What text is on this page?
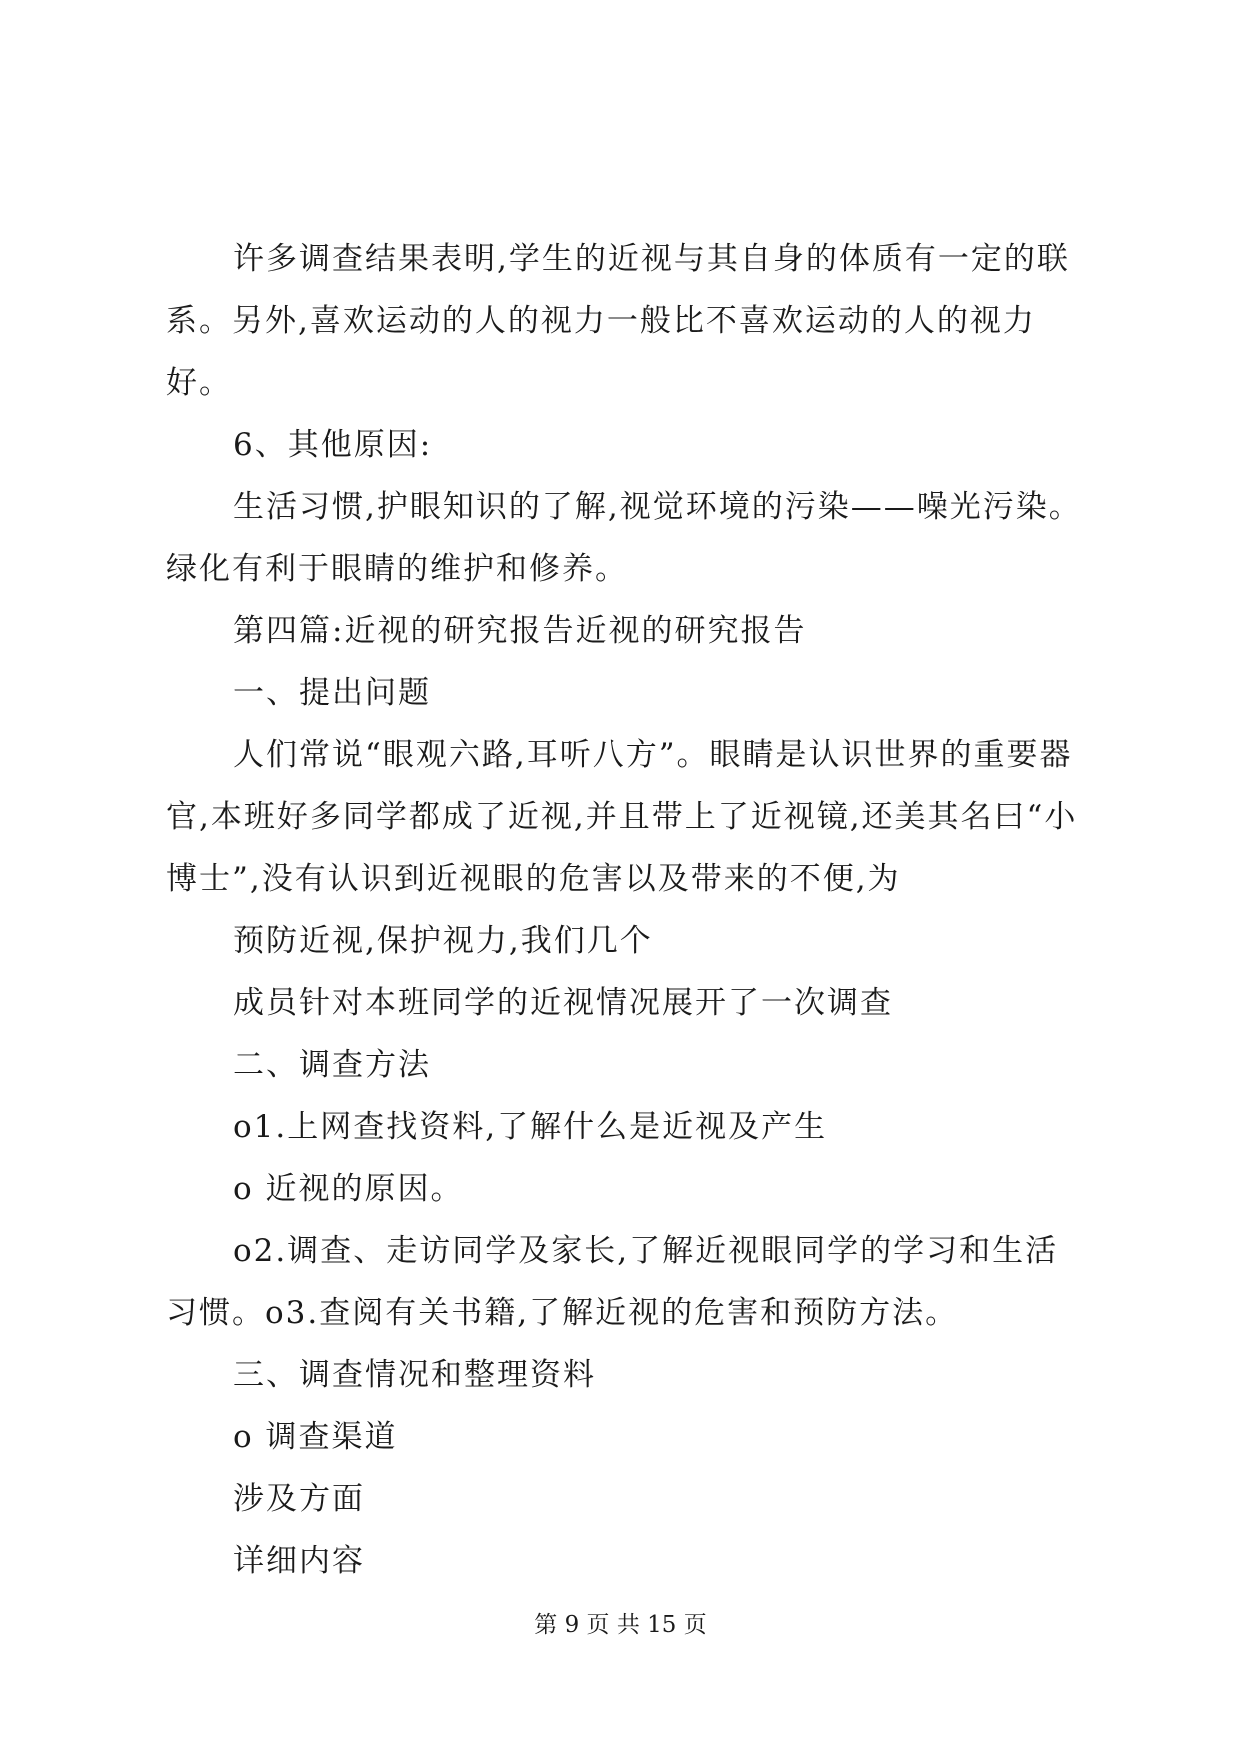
许多调查结果表明,学生的近视与其自身的体质有一定的联系。另外,喜欢运动的人的视力一般比不喜欢运动的人的视力好。

6、其他原因:

生活习惯,护眼知识的了解,视觉环境的污染——噪光污染。绿化有利于眼睛的维护和修养。

第四篇:近视的研究报告近视的研究报告

一、提出问题

人们常说“眼观六路,耳听八方”。眼睛是认识世界的重要器官,本班好多同学都成了近视,并且带上了近视镜,还美其名曰“小博士”,没有认识到近视眼的危害以及带来的不便,为

预防近视,保护视力,我们几个

成员针对本班同学的近视情况展开了一次调查

二、调查方法

o1.上网查找资料,了解什么是近视及产生

o 近视的原因。

o2.调查、走访同学及家长,了解近视眼同学的学习和生活习惯。o3.查阅有关书籍,了解近视的危害和预防方法。

三、调查情况和整理资料

o 调查渠道

涉及方面

详细内容

第 9 页 共 15 页
